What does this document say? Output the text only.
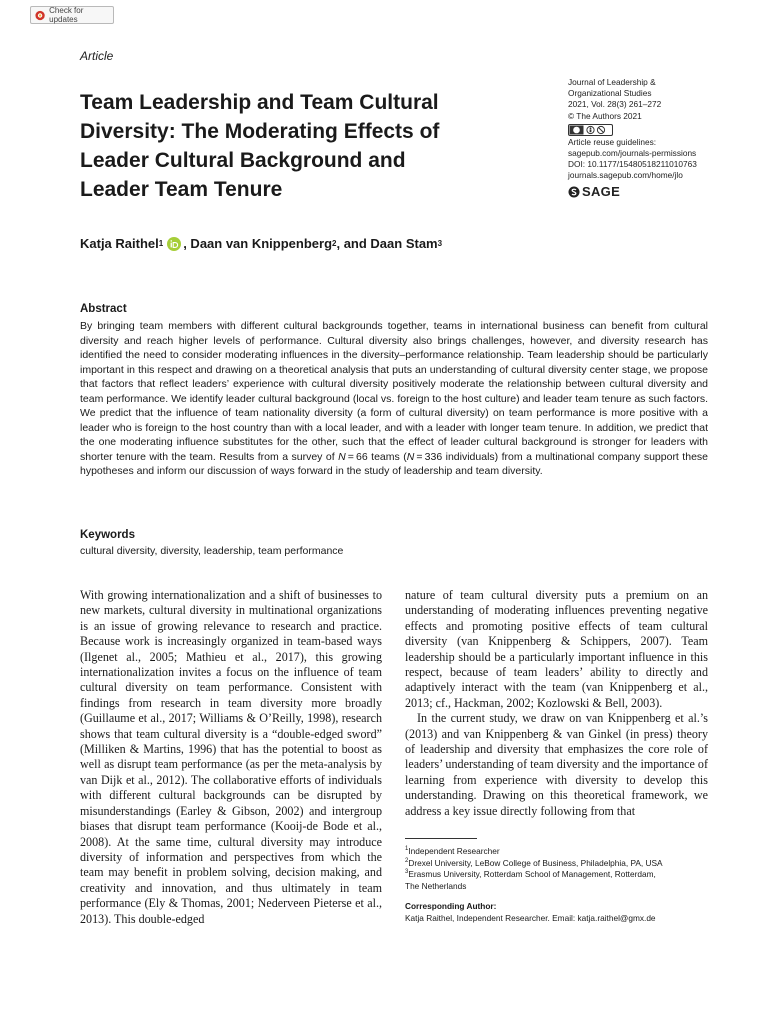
Check for updates
Article
Team Leadership and Team Cultural
Diversity: The Moderating Effects of
Leader Cultural Background and
Leader Team Tenure
Journal of Leadership &
Organizational Studies
2021, Vol. 28(3) 261–272
© The Authors 2021
Article reuse guidelines:
sagepub.com/journals-permissions
DOI: 10.1177/15480518211010763
journals.sagepub.com/home/jlo
SAGE
Katja Raithel 1 , Daan van Knippenberg 2 , and Daan Stam 3
Abstract
By bringing team members with different cultural backgrounds together, teams in international business can benefit from cultural diversity and reach higher levels of performance. Cultural diversity also brings challenges, however, and diversity research has identified the need to consider moderating influences in the diversity–performance relationship. Team leadership should be particularly important in this respect and drawing on a theoretical analysis that puts an understanding of cultural diversity center stage, we propose that factors that reflect leaders’ experience with cultural diversity positively moderate the relationship between cultural diversity and team performance. We identify leader cultural background (local vs. foreign to the host culture) and leader team tenure as such factors. We predict that the influence of team nationality diversity (a form of cultural diversity) on team performance is more positive with a leader who is foreign to the host country than with a local leader, and with a leader with longer team tenure. In addition, we predict that the one moderating influence substitutes for the other, such that the effect of leader cultural background is stronger for leaders with shorter tenure with the team. Results from a survey of N = 66 teams (N = 336 individuals) from a multinational company support these hypotheses and inform our discussion of ways forward in the study of leadership and team diversity.
Keywords
cultural diversity, diversity, leadership, team performance

With growing internationalization and a shift of businesses to new markets, cultural diversity in multinational organizations is an issue of growing relevance to research and practice. Because work is increasingly organized in team-based ways (Ilgenet al., 2005; Mathieu et al., 2017), this growing internationalization invites a focus on the influence of team cultural diversity on team performance. Consistent with findings from research in team diversity more broadly (Guillaume et al., 2017; Williams & O’Reilly, 1998), research shows that team cultural diversity is a “double-edged sword” (Milliken & Martins, 1996) that has the potential to boost as well as disrupt team performance (as per the meta-analysis by van Dijk et al., 2012). The collaborative efforts of individuals with different cultural backgrounds can be disrupted by misunderstandings (Earley & Gibson, 2002) and intergroup biases that disrupt team performance (Kooij-de Bode et al., 2008). At the same time, cultural diversity may introduce diversity of information and perspectives from which the team may benefit in problem solving, decision making, and creativity and innovation, and thus ultimately in team performance (Ely & Thomas, 2001; Nederveen Pieterse et al., 2013). This double-edged

nature of team cultural diversity puts a premium on an understanding of moderating influences preventing negative effects and promoting positive effects of team cultural diversity (van Knippenberg & Schippers, 2007). Team leadership should be a particularly important influence in this respect, because of team leaders’ ability to directly and adaptively interact with the team (van Knippenberg et al., 2013; cf., Hackman, 2002; Kozlowski & Bell, 2003).

In the current study, we draw on van Knippenberg et al.’s (2013) and van Knippenberg & van Ginkel (in press) theory of leadership and diversity that emphasizes the core role of leaders’ understanding of team diversity and the importance of learning from experience with diversity to develop this understanding. Drawing on this theoretical framework, we address a key issue directly following from that

$^1$Independent Researcher
$^2$Drexel University, LeBow College of Business, Philadelphia, PA, USA
$^3$Erasmus University, Rotterdam School of Management, Rotterdam,
The Netherlands
Corresponding Author:
Katja Raithel, Independent Researcher. Email: katja.raithel@gmx.de
